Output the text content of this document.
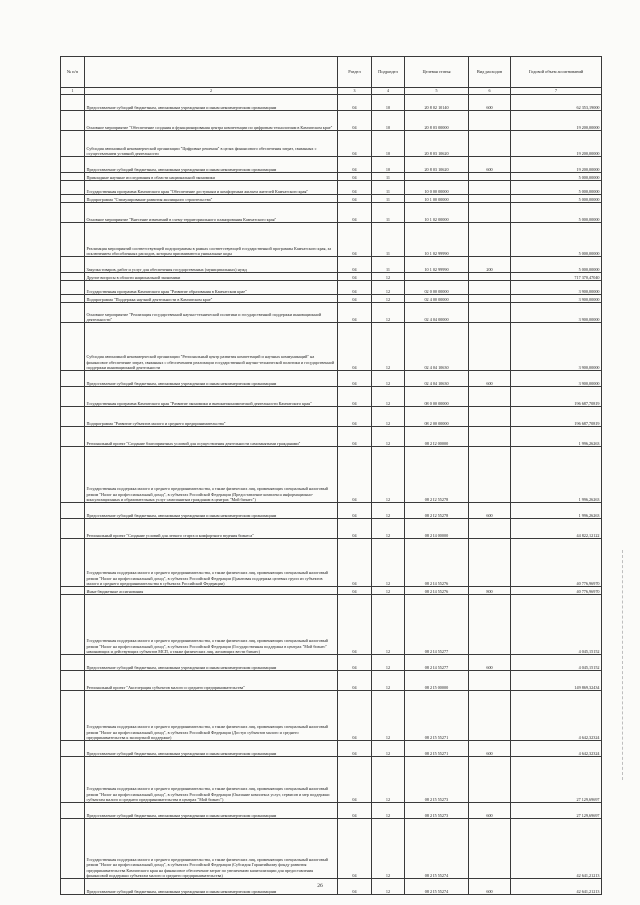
№ п/п		Раздел	Подраздел	Целевая статья	Вид расходов	Годовой объем ассигнований
1	2	3	4	5	6	7
	Предоставление субсидий бюджетным, автономным учреждениям и иным некоммерческим организациям	04	10	20 8 02 10140	600	62 353,19000
	Основное мероприятие "Обеспечение создания и функционирования центра компетенции по цифровым технологиям в Камчатском крае"	04	10	20 8 03 00000		19 200,00000
	Субсидия автономной некоммерческой организации "Цифровые решения" в целях финансового обеспечения затрат, связанных с осуществлением уставной деятельности	04	10	20 8 03 10620		19 200,00000
	Предоставление субсидий бюджетным, автономным учреждениям и иным некоммерческим организациям	04	10	20 8 03 10620	600	19 200,00000
	Прикладные научные исследования в области национальной экономики	04	11			5 000,00000
	Государственная программа Камчатского края "Обеспечение доступным и комфортным жильем жителей Камчатского края"	04	11	10 0 00 00000		5 000,00000
	Подпрограмма "Стимулирование развития жилищного строительства"	04	11	10 1 00 00000		5 000,00000
	Основное мероприятие "Внесение изменений в схему территориального планирования Камчатского края"	04	11	10 1 02 00000		5 000,00000
	Реализация мероприятий соответствующей подпрограммы в рамках соответствующей государственной программы Камчатского края, за исключением обособленных расходов, которым присваиваются уникальные коды	04	11	10 1 02 99990		5 000,00000
	Закупка товаров, работ и услуг для обеспечения государственных (муниципальных) нужд	04	11	10 1 02 99990	200	5 000,00000
	Другие вопросы в области национальной экономики	04	12			717 370,47040
	Государственная программа Камчатского края "Развитие образования в Камчатском крае"	04	12	02 0 00 00000		3 900,00000
	Подпрограмма "Поддержка научной деятельности в Камчатском крае"	04	12	02 4 00 00000		3 900,00000
	Основное мероприятие "Реализация государственной научно-технической политики и государственной поддержки инновационной деятельности"	04	12	02 4 04 00000		3 900,00000
	Субсидия автономной некоммерческой организации "Региональный центр развития компетенций и научных коммуникаций" на финансовое обеспечение затрат, связанных с обеспечением реализации государственной научно-технической политики и государственной поддержки инновационной деятельности	04	12	02 4 04 10630		3 900,00000
	Предоставление субсидий бюджетным, автономным учреждениям и иным некоммерческим организациям	04	12	02 4 04 10630	600	3 900,00000
	Государственная программа Камчатского края "Развитие экономики и внешнеэкономической деятельности Камчатского края"	04	12	08 0 00 00000		196 687,70819
	Подпрограмма "Развитие субъектов малого и среднего предпринимательства"	04	12	08 2 00 00000		196 687,70819
	Региональный проект "Создание благоприятных условий для осуществления деятельности самозанятыми гражданами"	04	12	08 2 I2 00000		1 996,26263
	Государственная поддержка малого и среднего предпринимательства, а также физических лиц, применяющих специальный налоговый режим "Налог на профессиональный доход", в субъектах Российской Федерации (Предоставление комплекса информационно-консультационных и образовательных услуг самозанятым гражданам в центрах "Мой бизнес")	04	12	08 2 I2 55278		1 996,26263
	Предоставление субсидий бюджетным, автономным учреждениям и иным некоммерческим организациям	04	12	08 2 I2 55278	600	1 996,26263
	Региональный проект "Создание условий для легкого старта и комфортного ведения бизнеса"	04	12	08 2 I4 00000		44 822,12122
	Государственная поддержка малого и среднего предпринимательства, а также физических лиц, применяющих специальный налоговый режим "Налог на профессиональный доход", в субъектах Российской Федерации (Грантовая поддержка целевых групп из субъектов малого и среднего предпринимательства в субъектах Российской Федерации)	04	12	08 2 I4 55276		40 776,96970
	Иные бюджетные ассигнования	04	12	08 2 I4 55276	800	40 776,96970
	Государственная поддержка малого и среднего предпринимательства, а также физических лиц, применяющих специальный налоговый режим "Налог на профессиональный доход", в субъектах Российской Федерации (Государственная поддержка в центрах "Мой бизнес" начинающих и действующих субъектов МСП, а также физических лиц, желающих вести бизнес)	04	12	08 2 I4 55277		4 045,15152
	Предоставление субсидий бюджетным, автономным учреждениям и иным некоммерческим организациям	04	12	08 2 I4 55277	600	4 045,15152
	Региональный проект "Акселерация субъектов малого и среднего предпринимательства"	04	12	08 2 I5 00000		149 869,32434
	Государственная поддержка малого и среднего предпринимательства, а также физических лиц, применяющих специальный налоговый режим "Налог на профессиональный доход", в субъектах Российской Федерации (Доступ субъектов малого и среднего предпринимательства к экспортной поддержке)	04	12	08 2 I5 55271		4 642,32324
	Предоставление субсидий бюджетным, автономным учреждениям и иным некоммерческим организациям	04	12	08 2 I5 55271	600	4 642,32324
	Государственная поддержка малого и среднего предпринимательства, а также физических лиц, применяющих специальный налоговый режим "Налог на профессиональный доход", в субъектах Российской Федерации (Оказание комплекса услуг, сервисов и мер поддержки субъектам малого и среднего предпринимательства в центрах "Мой бизнес")	04	12	08 2 I5 55273		27 129,69697
	Предоставление субсидий бюджетным, автономным учреждениям и иным некоммерческим организациям	04	12	08 2 I5 55273	600	27 129,69697
	Государственная поддержка малого и среднего предпринимательства, а также физических лиц, применяющих специальный налоговый режим "Налог на профессиональный доход", в субъектах Российской Федерации (Субсидия Гарантийному фонду развития предпринимательства Камчатского края на финансовое обеспечение затрат по увеличению капитализации для предоставления финансовой поддержки субъектам малого и среднего предпринимательства)	04	12	08 2 I5 55274		42 641,21213
	Предоставление субсидий бюджетным, автономным учреждениям и иным некоммерческим организациям	04	12	08 2 I5 55274	600	42 641,21213
26
